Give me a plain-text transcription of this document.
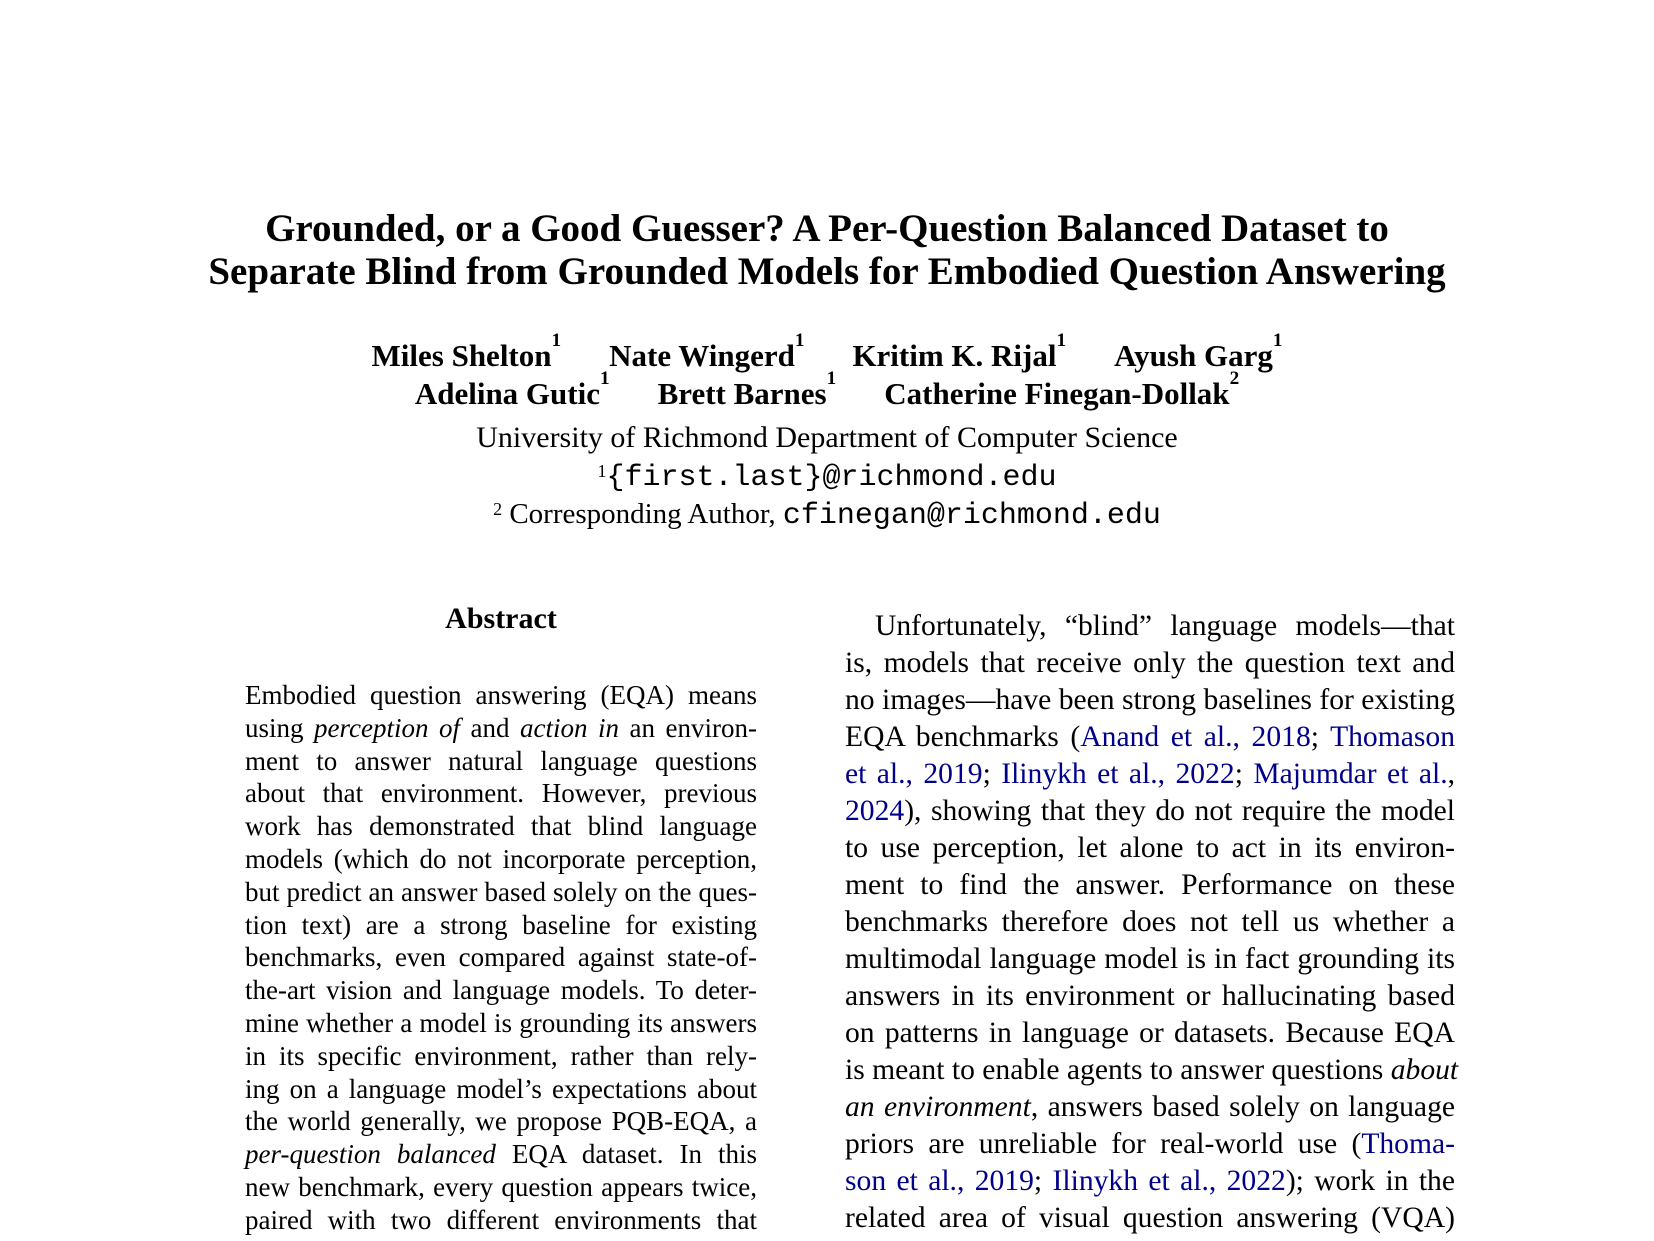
Grounded, or a Good Guesser? A Per-Question Balanced Dataset to
Separate Blind from Grounded Models for Embodied Question Answering
Miles Shelton$^1$ Nate Wingerd$^1$ Kritim K. Rijal$^1$ Ayush Garg$^1$
Adelina Gutic$^1$ Brett Barnes$^1$ Catherine Finegan-Dollak$^2$
University of Richmond Department of Computer Science
$^1${first.last}@richmond.edu
$^2$ Corresponding Author, cfinegan@richmond.edu
Abstract
Embodied question answering (EQA) means
using perception of and action in an environ-
ment to answer natural language questions
about that environment. However, previous
work has demonstrated that blind language
models (which do not incorporate perception,
but predict an answer based solely on the ques-
tion text) are a strong baseline for existing
benchmarks, even compared against state-of-
the-art vision and language models. To deter-
mine whether a model is grounding its answers
in its specific environment, rather than rely-
ing on a language model’s expectations about
the world generally, we propose PQB-EQA, a
per-question balanced EQA dataset. In this
new benchmark, every question appears twice,
paired with two different environments that
Unfortunately, “blind” language models—that
is, models that receive only the question text and
no images—have been strong baselines for existing
EQA benchmarks (Anand et al., 2018; Thomason
et al., 2019; Ilinykh et al., 2022; Majumdar et al.,
2024), showing that they do not require the model
to use perception, let alone to act in its environ-
ment to find the answer. Performance on these
benchmarks therefore does not tell us whether a
multimodal language model is in fact grounding its
answers in its environment or hallucinating based
on patterns in language or datasets. Because EQA
is meant to enable agents to answer questions about
an environment, answers based solely on language
priors are unreliable for real-world use (Thoma-
son et al., 2019; Ilinykh et al., 2022); work in the
related area of visual question answering (VQA)
